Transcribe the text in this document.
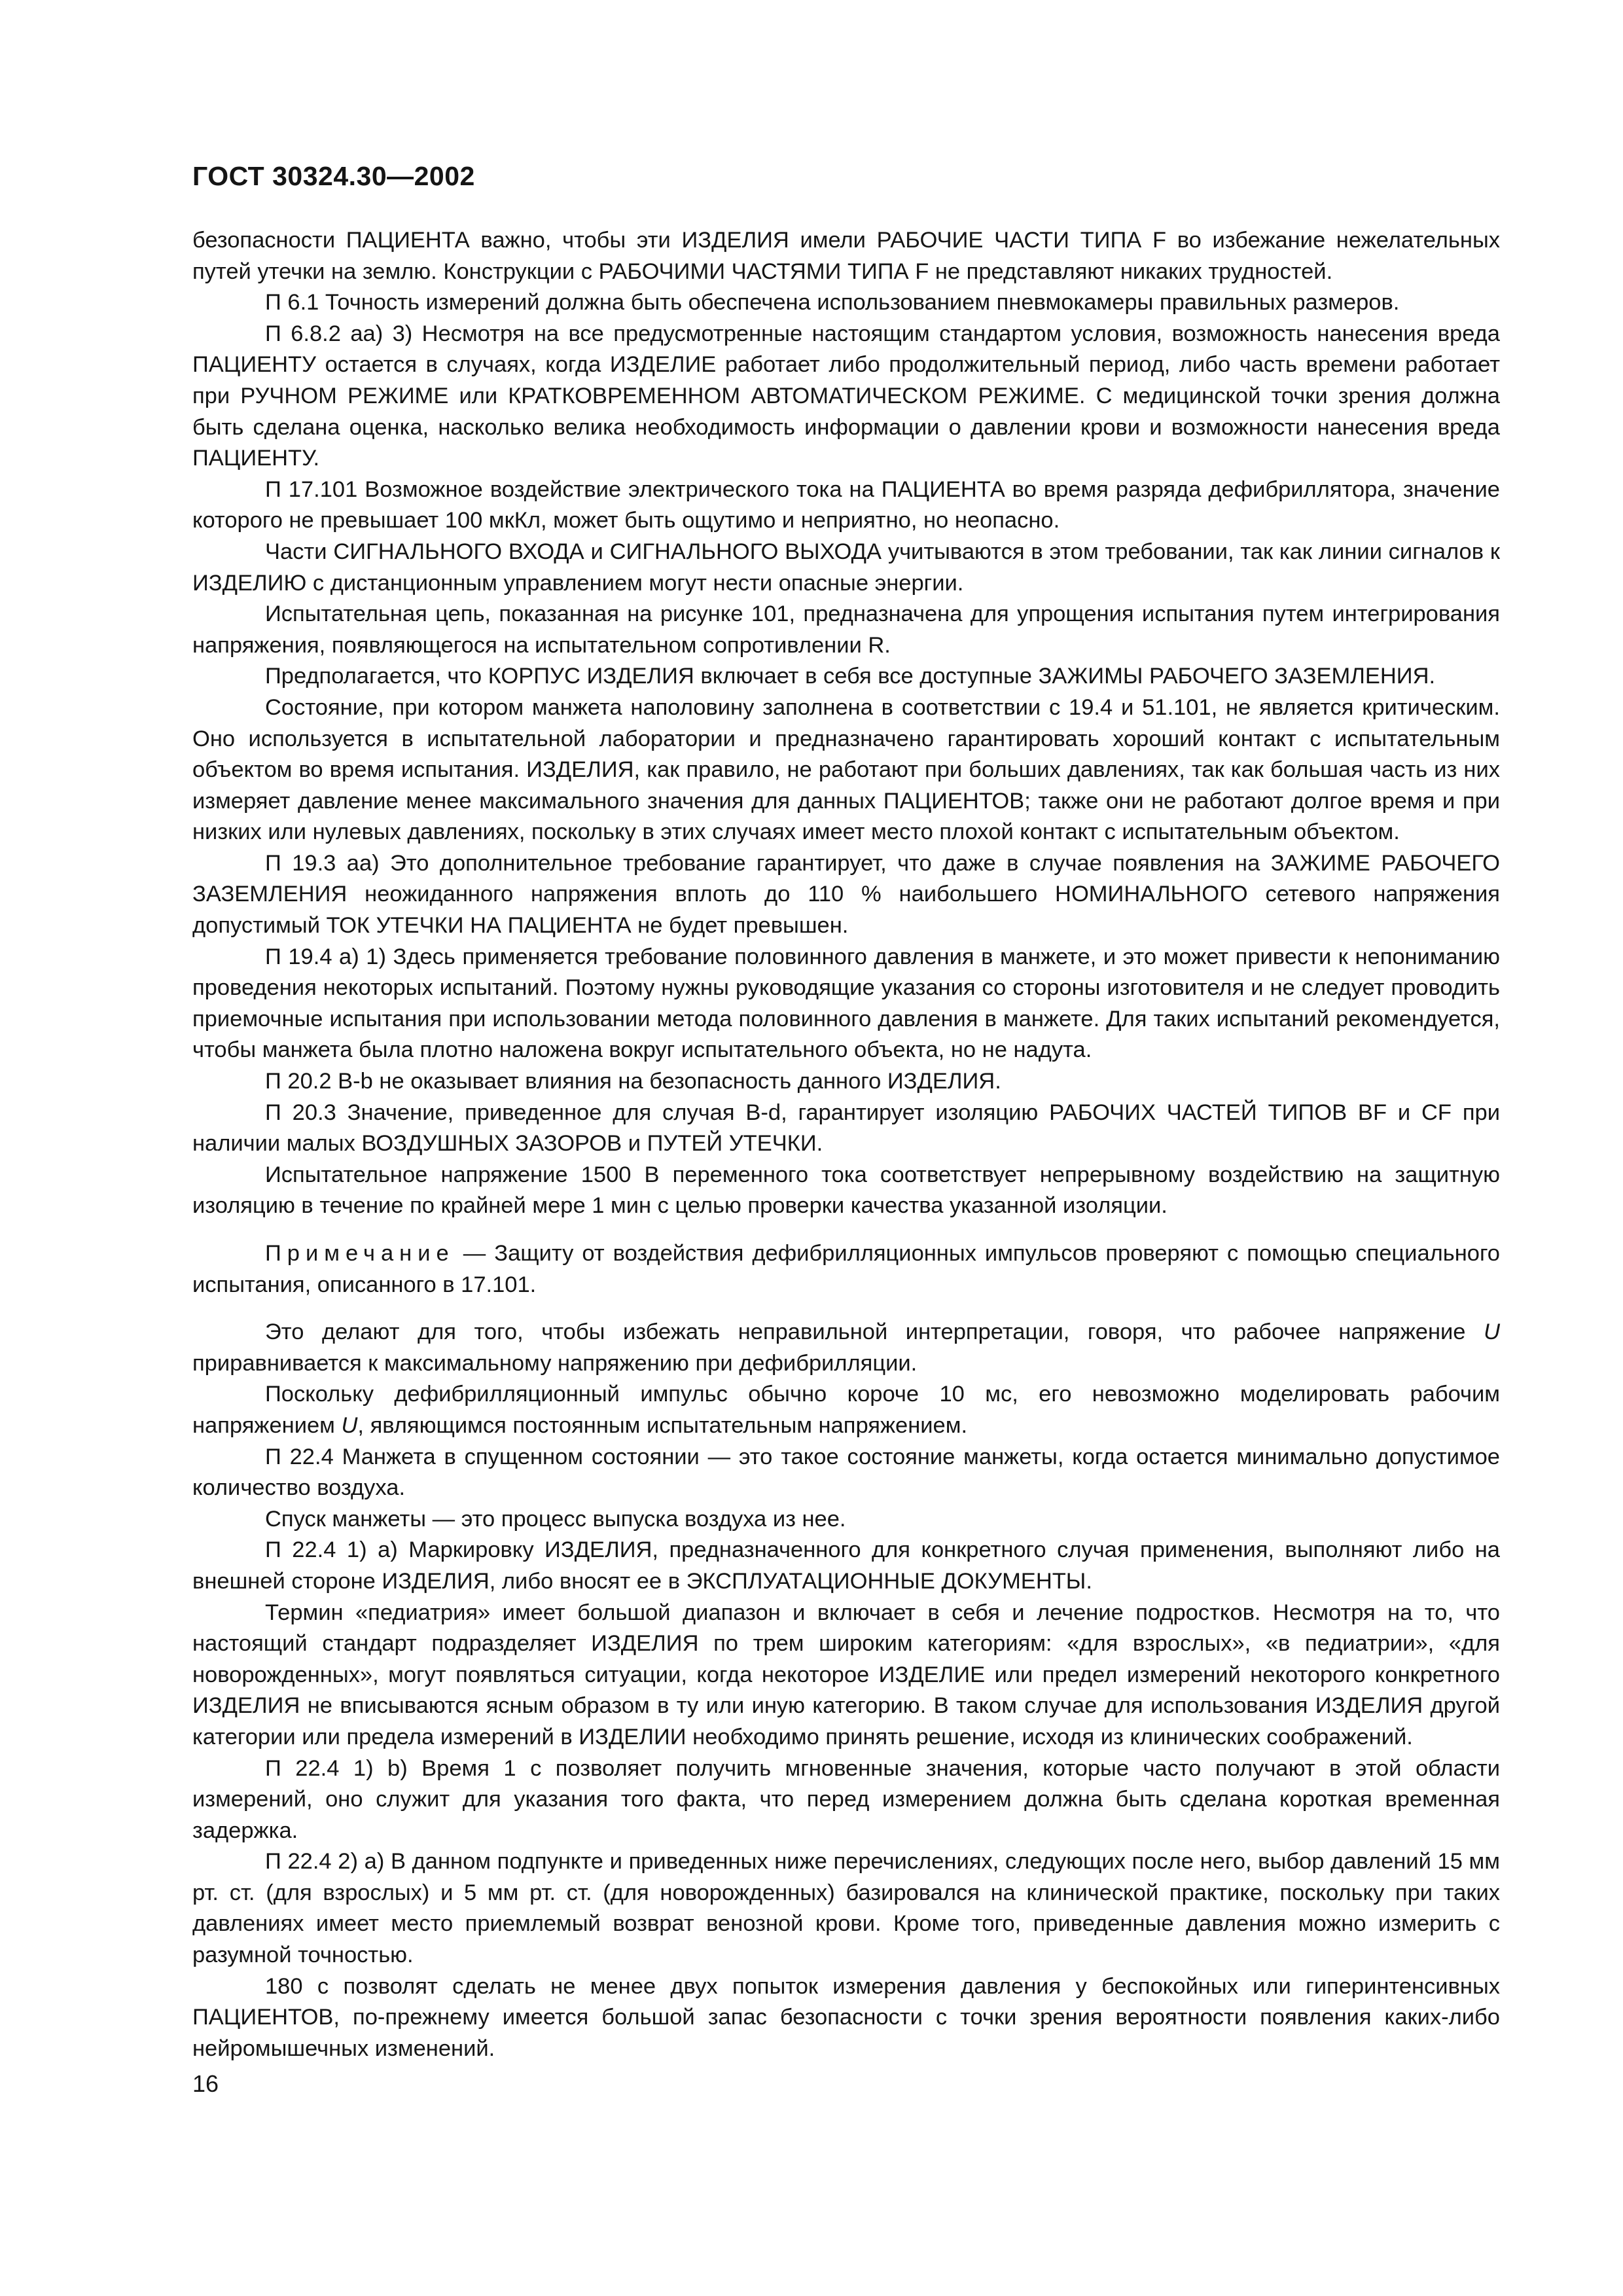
ГОСТ 30324.30—2002

безопасности ПАЦИЕНТА важно, чтобы эти ИЗДЕЛИЯ имели РАБОЧИЕ ЧАСТИ ТИПА F во избежание нежелательных путей утечки на землю. Конструкции с РАБОЧИМИ ЧАСТЯМИ ТИПА F не представляют никаких трудностей.

П 6.1 Точность измерений должна быть обеспечена использованием пневмокамеры правильных размеров.

П 6.8.2 аа) 3) Несмотря на все предусмотренные настоящим стандартом условия, возможность нанесения вреда ПАЦИЕНТУ остается в случаях, когда ИЗДЕЛИЕ работает либо продолжительный период, либо часть времени работает при РУЧНОМ РЕЖИМЕ или КРАТКОВРЕМЕННОМ АВТОМАТИЧЕСКОМ РЕЖИМЕ. С медицинской точки зрения должна быть сделана оценка, насколько велика необходимость информации о давлении крови и возможности нанесения вреда ПАЦИЕНТУ.

П 17.101 Возможное воздействие электрического тока на ПАЦИЕНТА во время разряда дефибриллятора, значение которого не превышает 100 мкКл, может быть ощутимо и неприятно, но неопасно.

Части СИГНАЛЬНОГО ВХОДА и СИГНАЛЬНОГО ВЫХОДА учитываются в этом требовании, так как линии сигналов к ИЗДЕЛИЮ с дистанционным управлением могут нести опасные энергии.

Испытательная цепь, показанная на рисунке 101, предназначена для упрощения испытания путем интегрирования напряжения, появляющегося на испытательном сопротивлении R.

Предполагается, что КОРПУС ИЗДЕЛИЯ включает в себя все доступные ЗАЖИМЫ РАБОЧЕГО ЗАЗЕМЛЕНИЯ.

Состояние, при котором манжета наполовину заполнена в соответствии с 19.4 и 51.101, не является критическим. Оно используется в испытательной лаборатории и предназначено гарантировать хороший контакт с испытательным объектом во время испытания. ИЗДЕЛИЯ, как правило, не работают при больших давлениях, так как большая часть из них измеряет давление менее максимального значения для данных ПАЦИЕНТОВ; также они не работают долгое время и при низких или нулевых давлениях, поскольку в этих случаях имеет место плохой контакт с испытательным объектом.

П 19.3 аа) Это дополнительное требование гарантирует, что даже в случае появления на ЗАЖИМЕ РАБОЧЕГО ЗАЗЕМЛЕНИЯ неожиданного напряжения вплоть до 110 % наибольшего НОМИНАЛЬНОГО сетевого напряжения допустимый ТОК УТЕЧКИ НА ПАЦИЕНТА не будет превышен.

П 19.4 а) 1) Здесь применяется требование половинного давления в манжете, и это может привести к непониманию проведения некоторых испытаний. Поэтому нужны руководящие указания со стороны изготовителя и не следует проводить приемочные испытания при использовании метода половинного давления в манжете. Для таких испытаний рекомендуется, чтобы манжета была плотно наложена вокруг испытательного объекта, но не надута.

П 20.2 B-b не оказывает влияния на безопасность данного ИЗДЕЛИЯ.

П 20.3 Значение, приведенное для случая B-d, гарантирует изоляцию РАБОЧИХ ЧАСТЕЙ ТИПОВ BF и CF при наличии малых ВОЗДУШНЫХ ЗАЗОРОВ и ПУТЕЙ УТЕЧКИ.

Испытательное напряжение 1500 В переменного тока соответствует непрерывному воздействию на защитную изоляцию в течение по крайней мере 1 мин с целью проверки качества указанной изоляции.

Примечание — Защиту от воздействия дефибрилляционных импульсов проверяют с помощью специального испытания, описанного в 17.101.

Это делают для того, чтобы избежать неправильной интерпретации, говоря, что рабочее напряжение U приравнивается к максимальному напряжению при дефибрилляции.

Поскольку дефибрилляционный импульс обычно короче 10 мс, его невозможно моделировать рабочим напряжением U, являющимся постоянным испытательным напряжением.

П 22.4 Манжета в спущенном состоянии — это такое состояние манжеты, когда остается минимально допустимое количество воздуха.

Спуск манжеты — это процесс выпуска воздуха из нее.

П 22.4 1) а) Маркировку ИЗДЕЛИЯ, предназначенного для конкретного случая применения, выполняют либо на внешней стороне ИЗДЕЛИЯ, либо вносят ее в ЭКСПЛУАТАЦИОННЫЕ ДОКУМЕНТЫ.

Термин «педиатрия» имеет большой диапазон и включает в себя и лечение подростков. Несмотря на то, что настоящий стандарт подразделяет ИЗДЕЛИЯ по трем широким категориям: «для взрослых», «в педиатрии», «для новорожденных», могут появляться ситуации, когда некоторое ИЗДЕЛИЕ или предел измерений некоторого конкретного ИЗДЕЛИЯ не вписываются ясным образом в ту или иную категорию. В таком случае для использования ИЗДЕЛИЯ другой категории или предела измерений в ИЗДЕЛИИ необходимо принять решение, исходя из клинических соображений.

П 22.4 1) b) Время 1 с позволяет получить мгновенные значения, которые часто получают в этой области измерений, оно служит для указания того факта, что перед измерением должна быть сделана короткая временная задержка.

П 22.4 2) а) В данном подпункте и приведенных ниже перечислениях, следующих после него, выбор давлений 15 мм рт. ст. (для взрослых) и 5 мм рт. ст. (для новорожденных) базировался на клинической практике, поскольку при таких давлениях имеет место приемлемый возврат венозной крови. Кроме того, приведенные давления можно измерить с разумной точностью.

180 с позволят сделать не менее двух попыток измерения давления у беспокойных или гиперинтенсивных ПАЦИЕНТОВ, по-прежнему имеется большой запас безопасности с точки зрения вероятности появления каких-либо нейромышечных изменений.

16
